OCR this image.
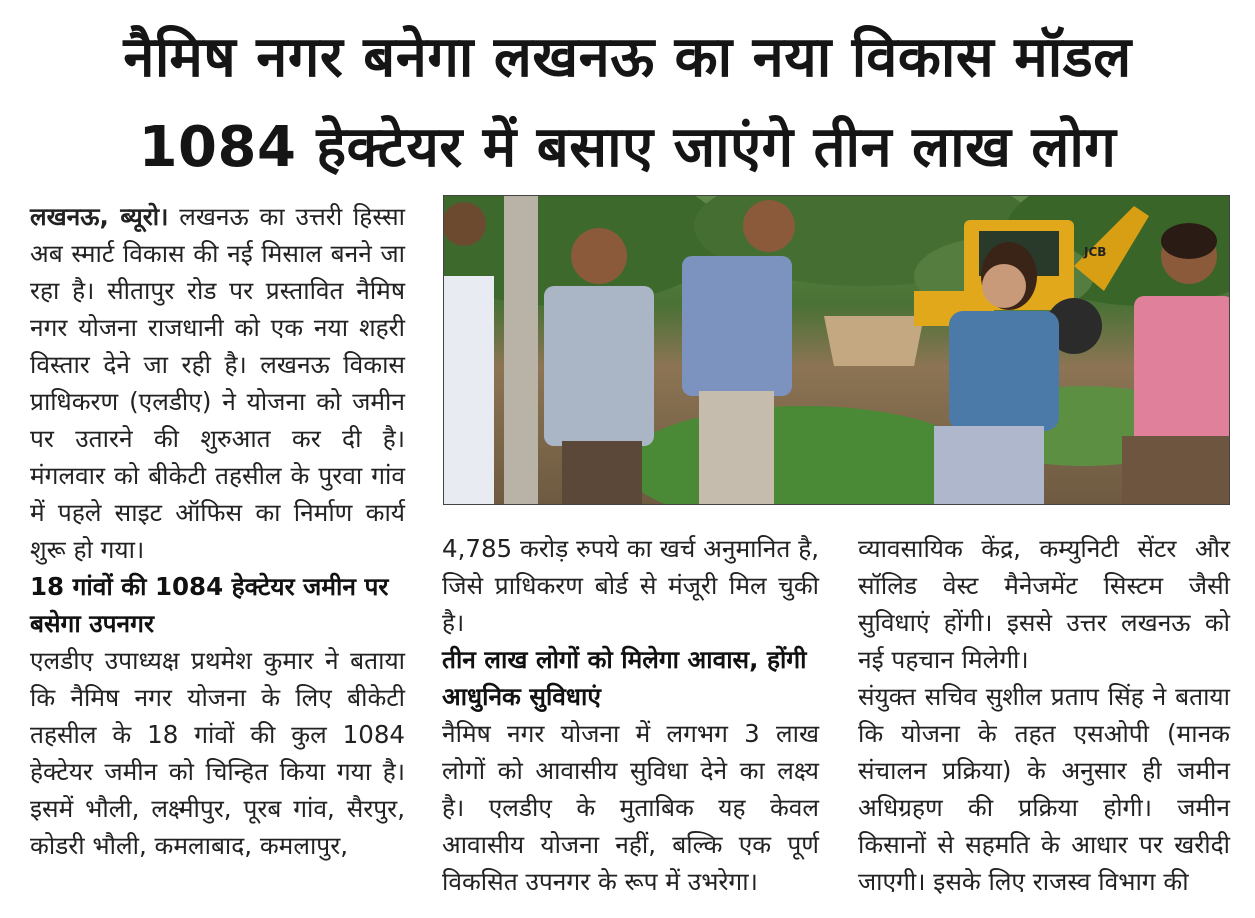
नैमिष नगर बनेगा लखनऊ का नया विकास मॉडल
1084 हेक्टेयर में बसाए जाएंगे तीन लाख लोग

लखनऊ, ब्यूरो। लखनऊ का उत्तरी हिस्सा अब स्मार्ट विकास की नई मिसाल बनने जा रहा है। सीतापुर रोड पर प्रस्तावित नैमिष नगर योजना राजधानी को एक नया शहरी विस्तार देने जा रही है। लखनऊ विकास प्राधिकरण (एलडीए) ने योजना को जमीन पर उतारने की शुरुआत कर दी है। मंगलवार को बीकेटी तहसील के पुरवा गांव में पहले साइट ऑफिस का निर्माण कार्य शुरू हो गया।

18 गांवों की 1084 हेक्टेयर जमीन पर बसेगा उपनगर

एलडीए उपाध्यक्ष प्रथमेश कुमार ने बताया कि नैमिष नगर योजना के लिए बीकेटी तहसील के 18 गांवों की कुल 1084 हेक्टेयर जमीन को चिन्हित किया गया है। इसमें भौली, लक्ष्मीपुर, पूरब गांव, सैरपुर, कोडरी भौली, कमलाबाद, कमलापुर,

JCB

4,785 करोड़ रुपये का खर्च अनुमानित है, जिसे प्राधिकरण बोर्ड से मंजूरी मिल चुकी है।

तीन लाख लोगों को मिलेगा आवास, होंगी आधुनिक सुविधाएं

नैमिष नगर योजना में लगभग 3 लाख लोगों को आवासीय सुविधा देने का लक्ष्य है। एलडीए के मुताबिक यह केवल आवासीय योजना नहीं, बल्कि एक पूर्ण विकसित उपनगर के रूप में उभरेगा।

व्यावसायिक केंद्र, कम्युनिटी सेंटर और सॉलिड वेस्ट मैनेजमेंट सिस्टम जैसी सुविधाएं होंगी। इससे उत्तर लखनऊ को नई पहचान मिलेगी।

संयुक्त सचिव सुशील प्रताप सिंह ने बताया कि योजना के तहत एसओपी (मानक संचालन प्रक्रिया) के अनुसार ही जमीन अधिग्रहण की प्रक्रिया होगी। जमीन किसानों से सहमति के आधार पर खरीदी जाएगी। इसके लिए राजस्व विभाग की
